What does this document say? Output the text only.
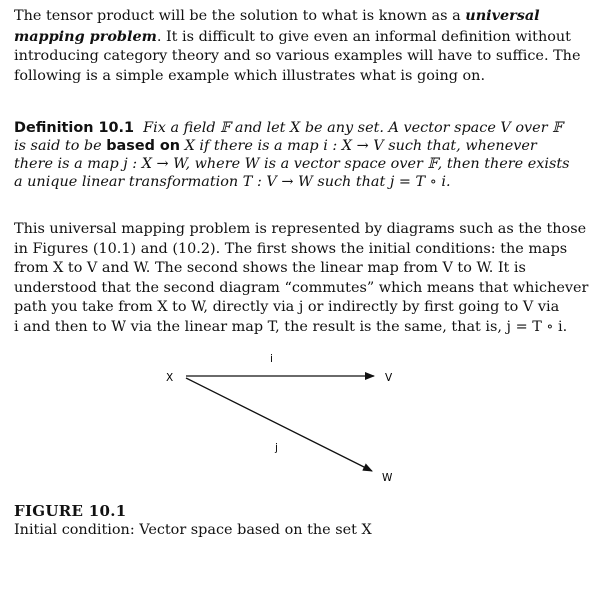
The tensor product will be the solution to what is known as a universal
mapping problem. It is difficult to give even an informal definition without
introducing category theory and so various examples will have to suffice. The
following is a simple example which illustrates what is going on.
Definition 10.1 Fix a field 𝔽 and let X be any set. A vector space V over 𝔽
is said to be based on X if there is a map i : X → V such that, whenever
there is a map j : X → W, where W is a vector space over 𝔽, then there exists
a unique linear transformation T : V → W such that j = T ∘ i.
This universal mapping problem is represented by diagrams such as the those
in Figures (10.1) and (10.2). The first shows the initial conditions: the maps
from X to V and W. The second shows the linear map from V to W. It is
understood that the second diagram “commutes” which means that whichever
path you take from X to W, directly via j or indirectly by first going to V via
i and then to W via the linear map T, the result is the same, that is, j = T ∘ i.
X	V
W
i
j
FIGURE 10.1
Initial condition: Vector space based on the set X
